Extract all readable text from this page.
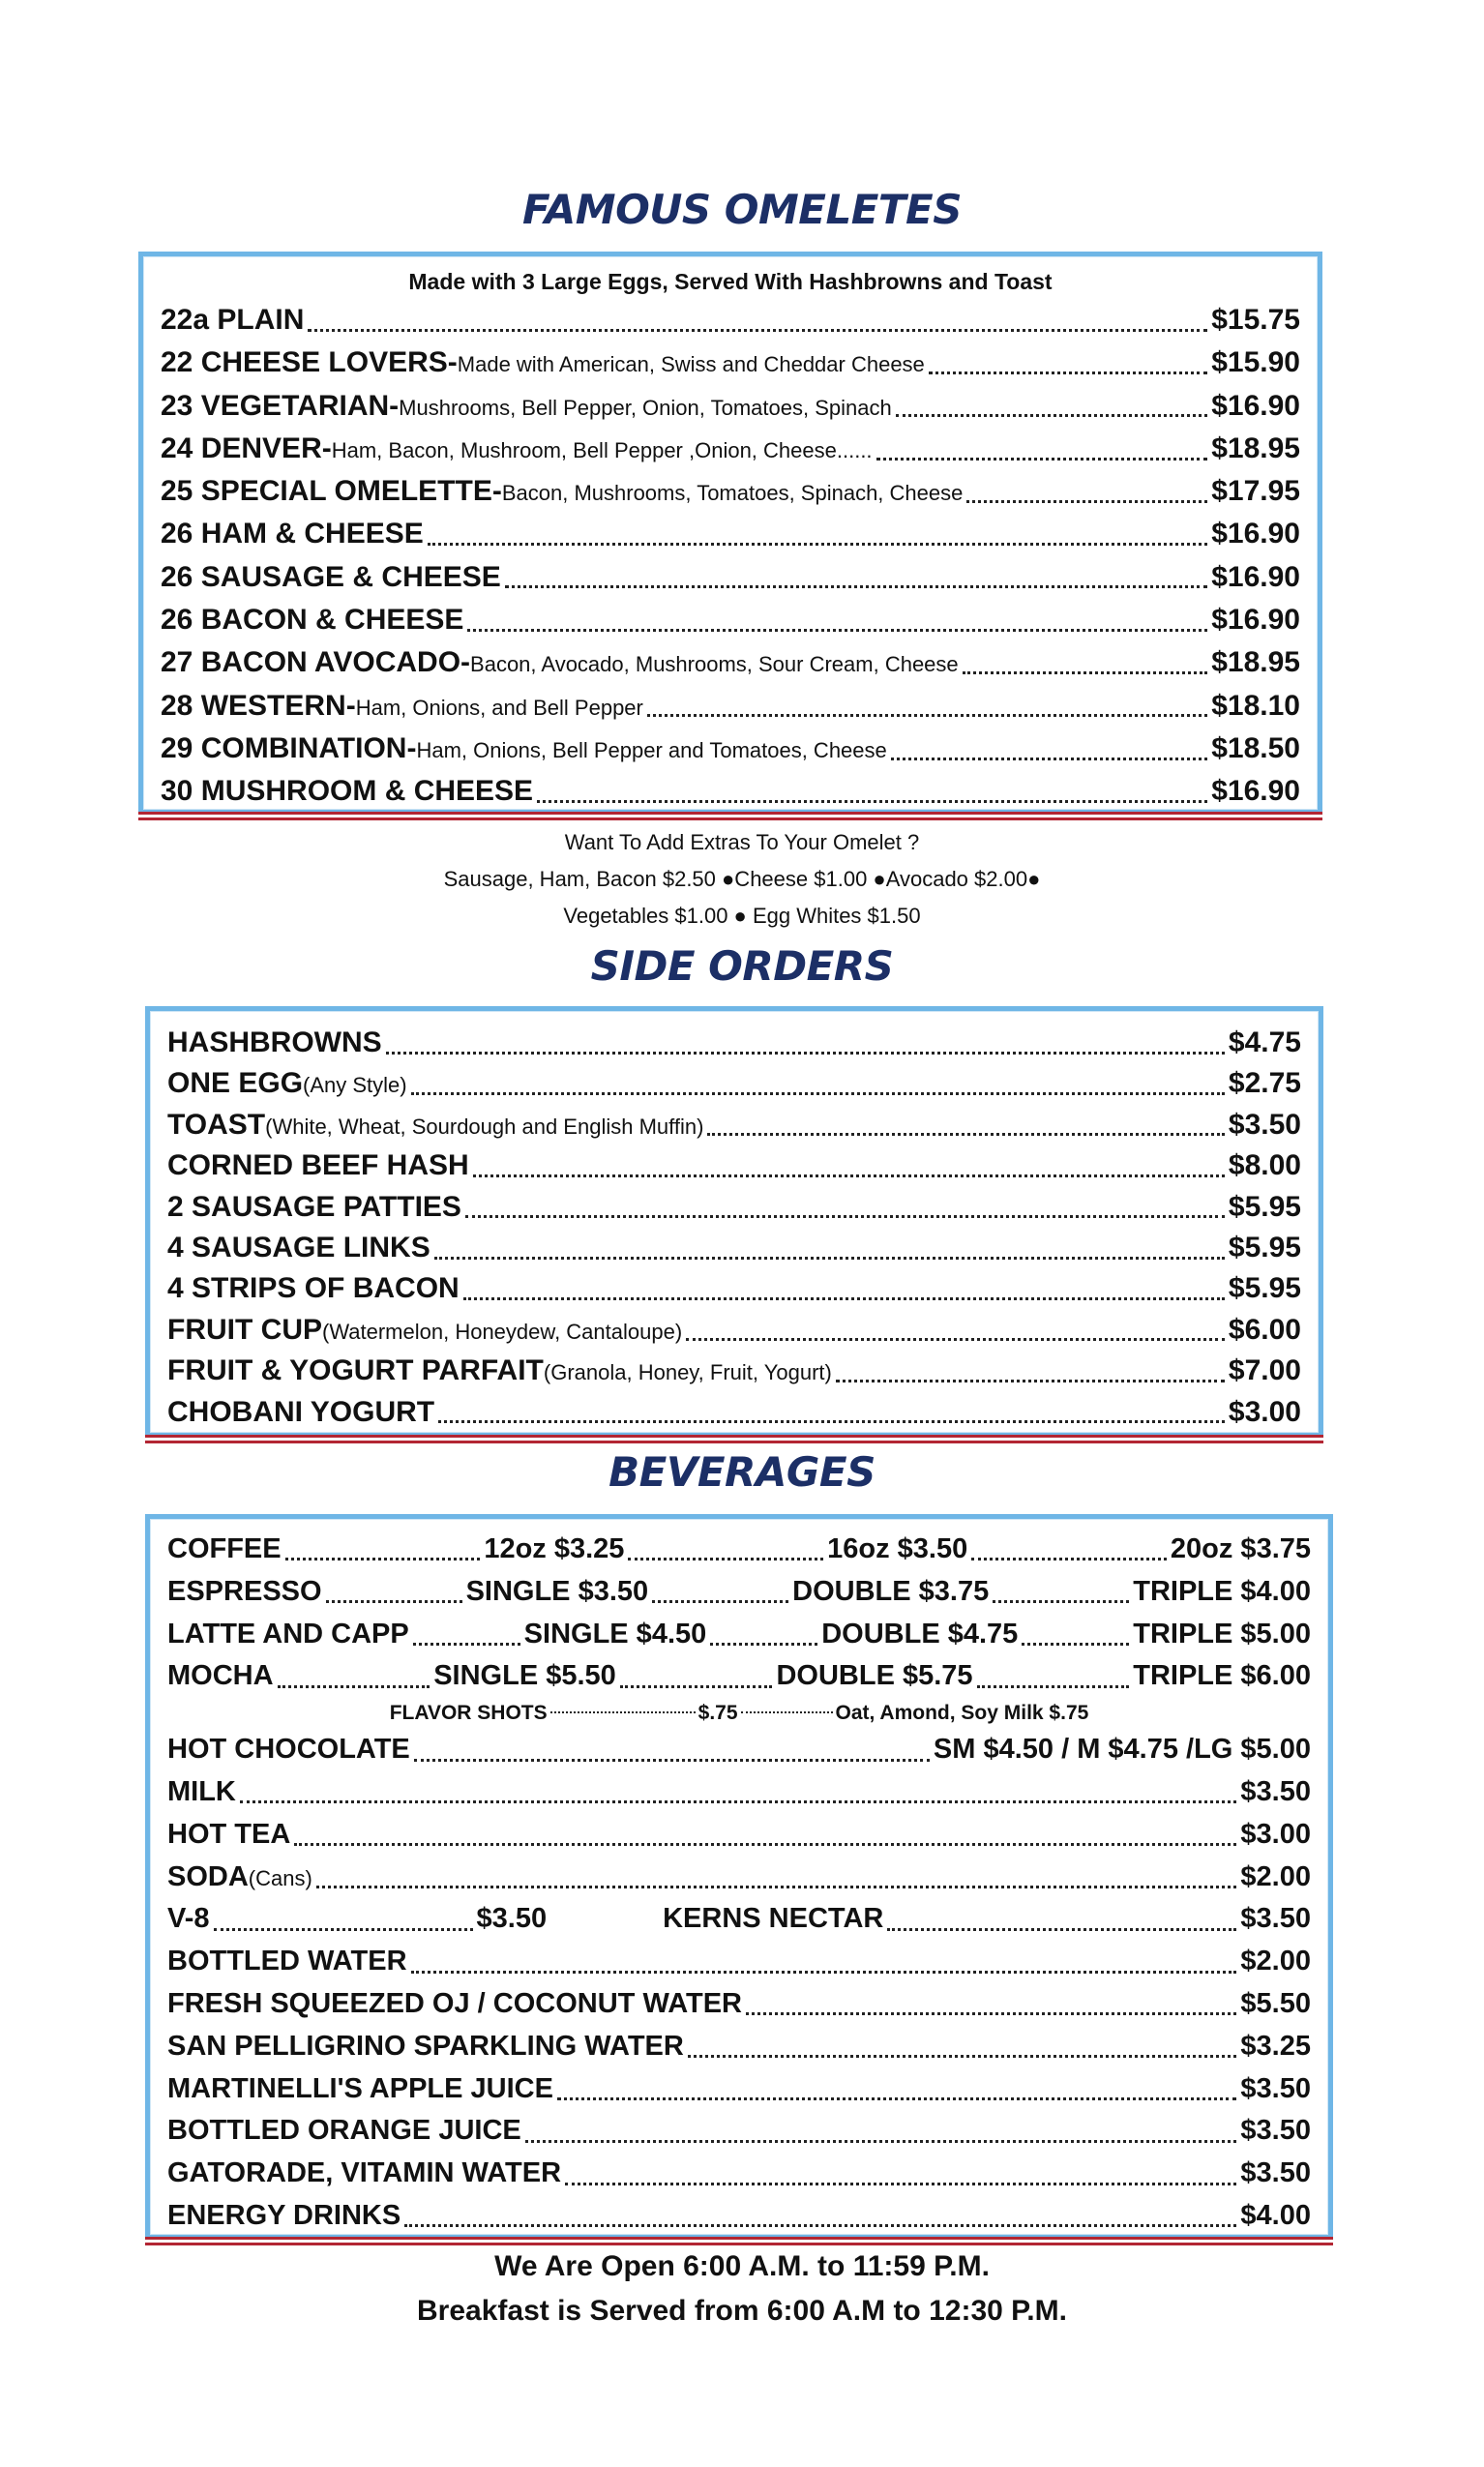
FAMOUS OMELETES
Made with 3 Large Eggs, Served With Hashbrowns and Toast
22a PLAIN	$15.75
22 CHEESE LOVERS- Made with American, Swiss and Cheddar Cheese	$15.90
23 VEGETARIAN- Mushrooms, Bell Pepper, Onion, Tomatoes, Spinach	$16.90
24 DENVER- Ham, Bacon, Mushroom, Bell Pepper ,Onion, Cheese......	$18.95
25 SPECIAL OMELETTE- Bacon, Mushrooms, Tomatoes, Spinach, Cheese	$17.95
26 HAM & CHEESE	$16.90
26 SAUSAGE & CHEESE	$16.90
26 BACON & CHEESE	$16.90
27 BACON AVOCADO- Bacon, Avocado, Mushrooms, Sour Cream, Cheese	$18.95
28 WESTERN- Ham, Onions, and Bell Pepper	$18.10
29 COMBINATION- Ham, Onions, Bell Pepper and Tomatoes, Cheese	$18.50
30 MUSHROOM & CHEESE	$16.90
Want To Add Extras To Your Omelet ?
Sausage, Ham, Bacon $2.50 ●Cheese $1.00 ●Avocado $2.00●
Vegetables $1.00 ● Egg Whites $1.50
SIDE ORDERS
HASHBROWNS	$4.75
ONE EGG (Any Style)	$2.75
TOAST (White, Wheat, Sourdough and English Muffin)	$3.50
CORNED BEEF HASH	$8.00
2 SAUSAGE PATTIES	$5.95
4 SAUSAGE LINKS	$5.95
4 STRIPS OF BACON	$5.95
FRUIT CUP (Watermelon, Honeydew, Cantaloupe)	$6.00
FRUIT & YOGURT PARFAIT (Granola, Honey, Fruit, Yogurt)	$7.00
CHOBANI YOGURT	$3.00
BEVERAGES
COFFEE	12oz $3.25	16oz $3.50	20oz $3.75
ESPRESSO	SINGLE $3.50	DOUBLE $3.75	TRIPLE $4.00
LATTE AND CAPP	SINGLE $4.50	DOUBLE $4.75	TRIPLE $5.00
MOCHA	SINGLE $5.50	DOUBLE $5.75	TRIPLE $6.00
FLAVOR SHOTS	$.75	Oat, Amond, Soy Milk $.75
HOT CHOCOLATE	SM $4.50 / M $4.75 /LG $5.00
MILK	$3.50
HOT TEA	$3.00
SODA (Cans)	$2.00
V-8	$3.50	KERNS NECTAR	$3.50
BOTTLED WATER	$2.00
FRESH SQUEEZED OJ / COCONUT WATER	$5.50
SAN PELLIGRINO SPARKLING WATER	$3.25
MARTINELLI'S APPLE JUICE	$3.50
BOTTLED ORANGE JUICE	$3.50
GATORADE, VITAMIN WATER	$3.50
ENERGY DRINKS	$4.00
We Are Open 6:00 A.M. to 11:59 P.M.
Breakfast is Served from 6:00 A.M to 12:30 P.M.
